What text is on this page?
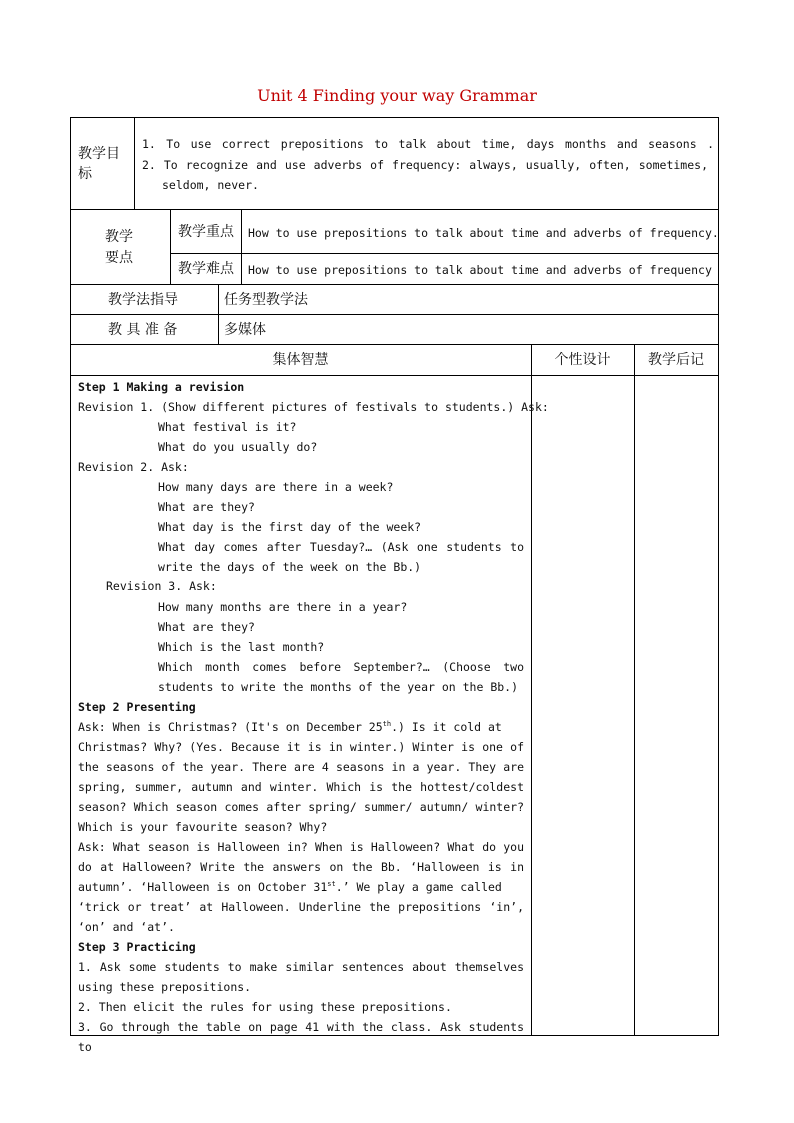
Unit 4 Finding your way Grammar
教学目标
1. To use correct prepositions to talk about time, days months and seasons .
2. To recognize and use adverbs of frequency: always, usually, often, sometimes,
seldom, never.
教学
要点
教学重点 How to use prepositions to talk about time and adverbs of frequency.
教学难点 How to use prepositions to talk about time and adverbs of frequency
教学法指导	任务型教学法
教 具 准 备	多媒体
集体智慧	个性设计	教学后记
Step 1 Making a revision
Revision 1. (Show different pictures of festivals to students.) Ask:
What festival is it?
What do you usually do?
Revision 2. Ask:
How many days are there in a week?
What are they?
What day is the first day of the week?
What day comes after Tuesday?… (Ask one students to
write the days of the week on the Bb.)
Revision 3. Ask:
How many months are there in a year?
What are they?
Which is the last month?
Which month comes before September?… (Choose two
students to write the months of the year on the Bb.)
Step 2 Presenting
Ask: When is Christmas? (It's on December 25th.) Is it cold at
Christmas? Why? (Yes. Because it is in winter.) Winter is one of
the seasons of the year. There are 4 seasons in a year. They are
spring, summer, autumn and winter. Which is the hottest/coldest
season? Which season comes after spring/ summer/ autumn/ winter?
Which is your favourite season? Why?
Ask: What season is Halloween in? When is Halloween? What do you
do at Halloween? Write the answers on the Bb. ‘Halloween is in
autumn’. ‘Halloween is on October 31st.’ We play a game called
‘trick or treat’ at Halloween. Underline the prepositions ‘in’,
‘on’ and ‘at’.
Step 3 Practicing
1. Ask some students to make similar sentences about themselves
using these prepositions.
2. Then elicit the rules for using these prepositions.
3. Go through the table on page 41 with the class. Ask students to
